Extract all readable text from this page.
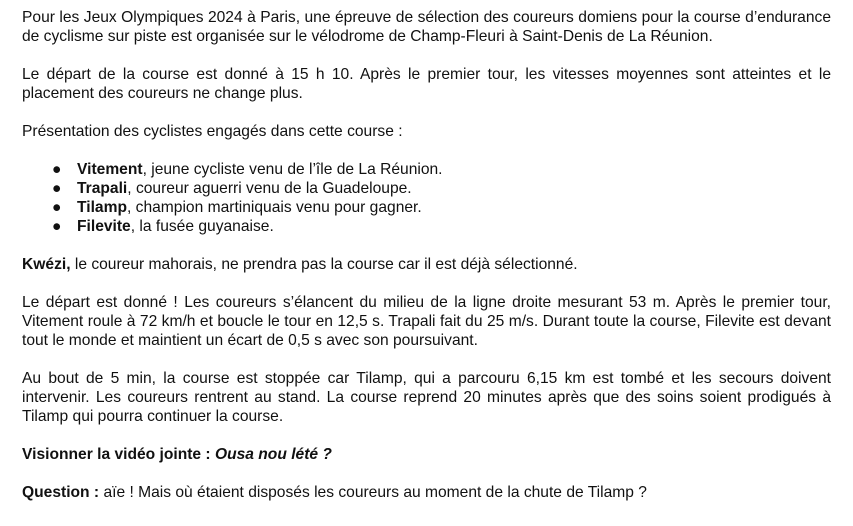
Pour les Jeux Olympiques 2024 à Paris, une épreuve de sélection des coureurs domiens pour la course d’endurance de cyclisme sur piste est organisée sur le vélodrome de Champ-Fleuri à Saint-Denis de La Réunion.

Le départ de la course est donné à 15 h 10. Après le premier tour, les vitesses moyennes sont atteintes et le placement des coureurs ne change plus.

Présentation des cyclistes engagés dans cette course :

● Vitement, jeune cycliste venu de l’île de La Réunion.
● Trapali, coureur aguerri venu de la Guadeloupe.
● Tilamp, champion martiniquais venu pour gagner.
● Filevite, la fusée guyanaise.

Kwézi, le coureur mahorais, ne prendra pas la course car il est déjà sélectionné.

Le départ est donné ! Les coureurs s’élancent du milieu de la ligne droite mesurant 53 m. Après le premier tour, Vitement roule à 72 km/h et boucle le tour en 12,5 s. Trapali fait du 25 m/s. Durant toute la course, Filevite est devant tout le monde et maintient un écart de 0,5 s avec son poursuivant.

Au bout de 5 min, la course est stoppée car Tilamp, qui a parcouru 6,15 km est tombé et les secours doivent intervenir. Les coureurs rentrent au stand. La course reprend 20 minutes après que des soins soient prodigués à Tilamp qui pourra continuer la course.

Visionner la vidéo jointe : Ousa nou lété ?

Question : aïe ! Mais où étaient disposés les coureurs au moment de la chute de Tilamp ?
